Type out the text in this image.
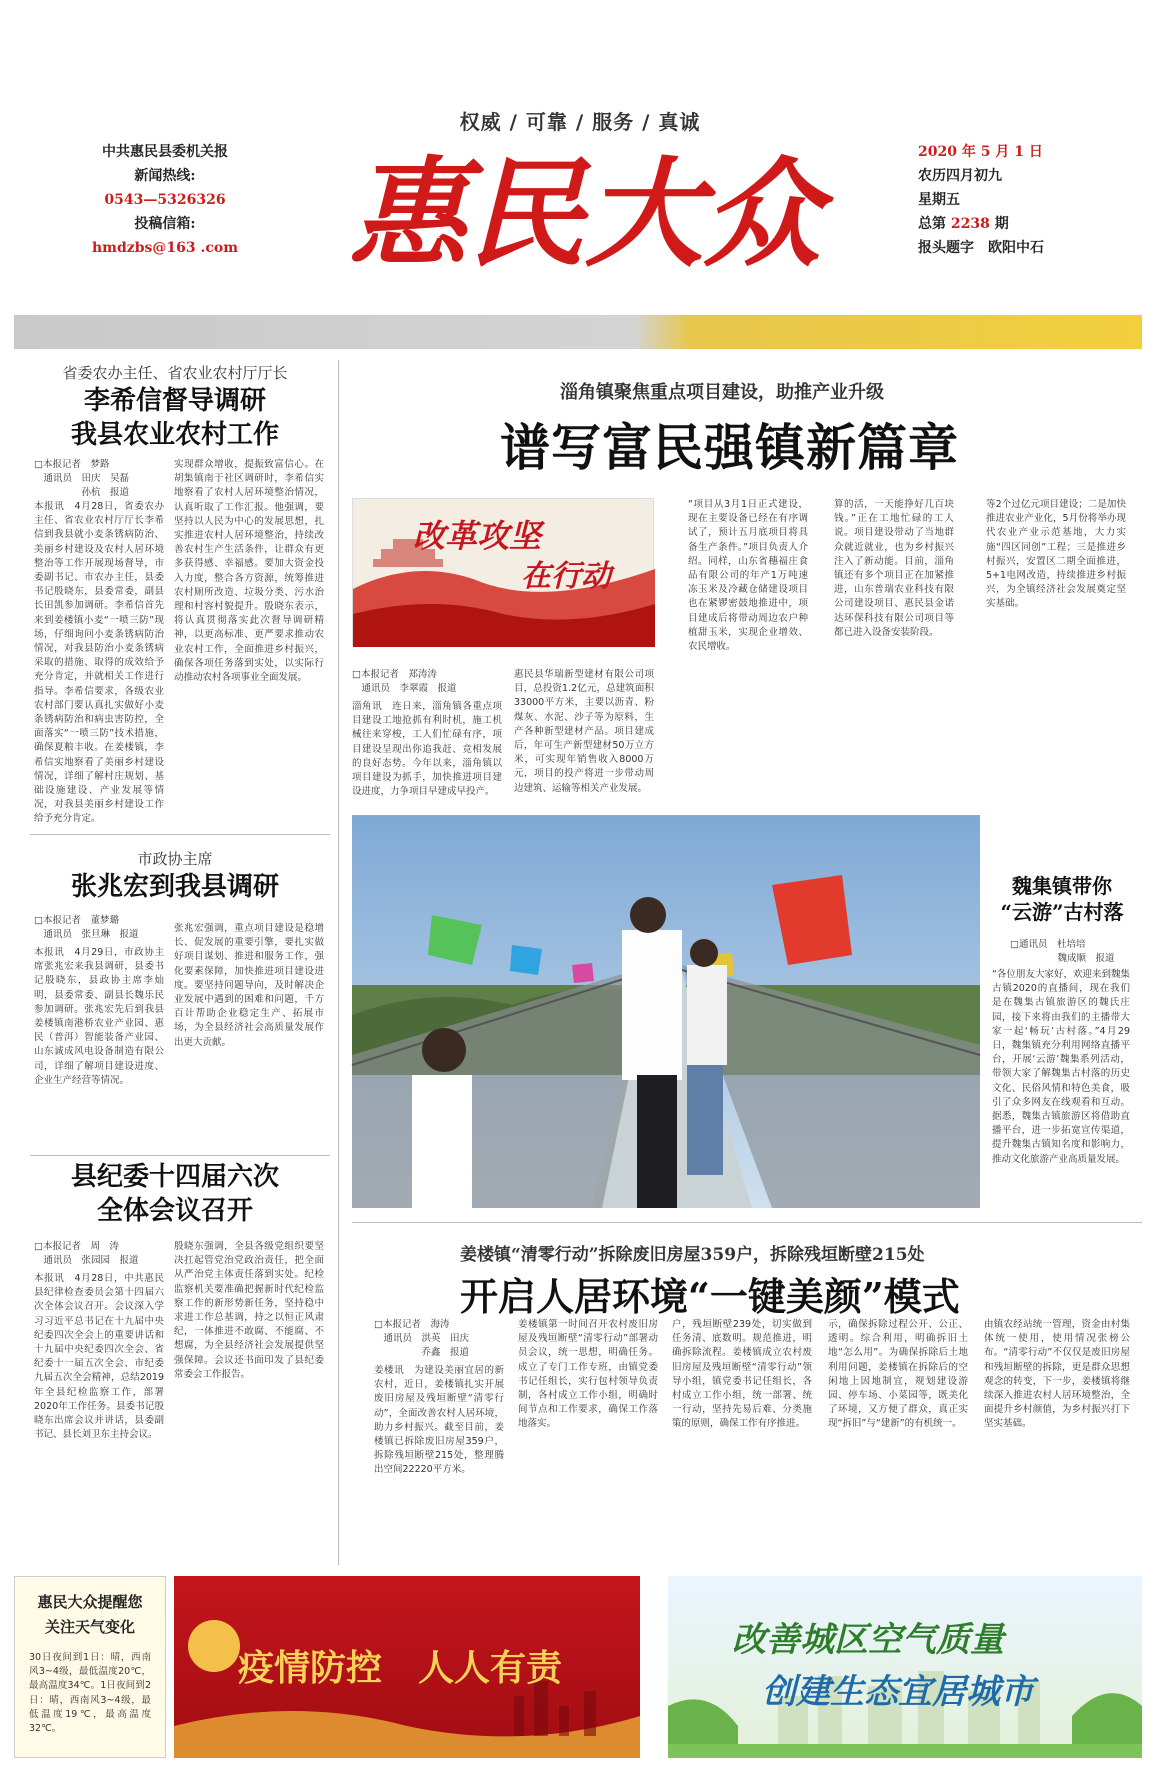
权威 / 可靠 / 服务 / 真诚
中共惠民县委机关报
新闻热线:
0543—5326326
投稿信箱:
hmdzbs@163 .com 惠民大众	2020 年 5 月 1 日
农历四月初九
星期五
总第 2238 期
报头题字　欧阳中石
省委农办主任、省农业农村厅厅长
李希信督导调研
我县农业农村工作
□本报记者　梦路
　通讯员　田庆　吴磊
　　　　　孙杭　报道
本报讯　4月28日，省委农办主任、省农业农村厅厅长李希信到我县就小麦条锈病防治、美丽乡村建设及农村人居环境整治等工作开展现场督导，市委副书记、市农办主任，县委书记殷晓东，县委常委，副县长田凯参加调研。李希信首先来到姜楼镇小麦“一喷三防”现场，仔细询问小麦条锈病防治情况，对我县防治小麦条锈病采取的措施、取得的成效给予充分肯定，并就相关工作进行指导。李希信要求，各级农业农村部门要认真扎实做好小麦条锈病防治和病虫害防控，全面落实“一喷三防”技术措施，确保夏粮丰收。在姜楼镇，李希信实地察看了美丽乡村建设情况，详细了解村庄规划、基础设施建设、产业发展等情况，对我县美丽乡村建设工作给予充分肯定。
实现群众增收，提振致富信心。在胡集镇南于社区调研时，李希信实地察看了农村人居环境整治情况，认真听取了工作汇报。他强调，要坚持以人民为中心的发展思想，扎实推进农村人居环境整治，持续改善农村生产生活条件，让群众有更多获得感、幸福感。要加大资金投入力度，整合各方资源，统筹推进农村厕所改造、垃圾分类、污水治理和村容村貌提升。殷晓东表示，将认真贯彻落实此次督导调研精神，以更高标准、更严要求推动农业农村工作，全面推进乡村振兴，确保各项任务落到实处，以实际行动推动农村各项事业全面发展。
市政协主席
张兆宏到我县调研
□本报记者　董梦璐
　通讯员　张旦琳　报道
本报讯　4月29日，市政协主席张兆宏来我县调研，县委书记殷晓东，县政协主席李灿明，县委常委、副县长魏乐民参加调研。张兆宏先后到我县姜楼镇南港桥农业产业园、惠民（普洱）智能装备产业园、山东诚成风电设备制造有限公司，详细了解项目建设进度、企业生产经营等情况。
张兆宏强调，重点项目建设是稳增长、促发展的重要引擎，要扎实做好项目谋划、推进和服务工作，强化要素保障，加快推进项目建设进度。要坚持问题导向，及时解决企业发展中遇到的困难和问题，千方百计帮助企业稳定生产、拓展市场，为全县经济社会高质量发展作出更大贡献。
县纪委十四届六次
全体会议召开
□本报记者　周　涛
　通讯员　张园园　报道
本报讯　4月28日，中共惠民县纪律检查委员会第十四届六次全体会议召开。会议深入学习习近平总书记在十九届中央纪委四次全会上的重要讲话和十九届中央纪委四次全会、省纪委十一届五次全会、市纪委九届五次全会精神，总结2019年全县纪检监察工作，部署2020年工作任务。县委书记殷晓东出席会议并讲话，县委副书记、县长刘卫东主持会议。
殷晓东强调，全县各级党组织要坚决扛起管党治党政治责任，把全面从严治党主体责任落到实处。纪检监察机关要准确把握新时代纪检监察工作的新形势新任务，坚持稳中求进工作总基调，持之以恒正风肃纪，一体推进不敢腐、不能腐、不想腐，为全县经济社会发展提供坚强保障。会议还书面印发了县纪委常委会工作报告。
淄角镇聚焦重点项目建设，助推产业升级
谱写富民强镇新篇章
改革攻坚
在行动
“项目从3月1日正式建设，现在主要设备已经在有序调试了，预计五月底项目将具备生产条件。”项目负责人介绍。同样，山东省穗福庄食品有限公司的年产1万吨速冻玉米及冷藏仓储建设项目也在紧锣密鼓地推进中，项目建成后将带动周边农户种植甜玉米，实现企业增效、农民增收。
算的活，一天能挣好几百块钱。”正在工地忙碌的工人说。项目建设带动了当地群众就近就业，也为乡村振兴注入了新动能。目前，淄角镇还有多个项目正在加紧推进，山东普瑞农业科技有限公司建设项目、惠民县金诺达环保科技有限公司项目等都已进入设备安装阶段。
等2个过亿元项目建设；二是加快推进农业产业化，5月份将举办现代农业产业示范基地，大力实施“四区同创”工程；三是推进乡村振兴，安置区二期全面推进，5+1电网改造，持续推进乡村振兴，为全镇经济社会发展奠定坚实基础。
□本报记者　郑涛涛
　通讯员　李翠霞　报道
淄角讯　连日来，淄角镇各重点项目建设工地抢抓有利时机，施工机械往来穿梭，工人们忙碌有序，项目建设呈现出你追我赶、竞相发展的良好态势。今年以来，淄角镇以项目建设为抓手，加快推进项目建设进度，力争项目早建成早投产。
惠民县华瑞新型建材有限公司项目，总投资1.2亿元，总建筑面积33000平方米，主要以沥青、粉煤灰、水泥、沙子等为原料，生产各种新型建材产品。项目建成后，年可生产新型建材50万立方米，可实现年销售收入8000万元，项目的投产将进一步带动周边建筑、运输等相关产业发展。
魏集镇带你
“云游”古村落
□通讯员　杜培培
　　　　　魏成顺　报道
“各位朋友大家好，欢迎来到魏集古镇2020的直播间，现在我们是在魏集古镇旅游区的魏氏庄园，接下来将由我们的主播带大家一起‘畅玩’古村落。”4月29日，魏集镇充分利用网络直播平台，开展‘云游’魏集系列活动，带领大家了解魏集古村落的历史文化、民俗风情和特色美食，吸引了众多网友在线观看和互动。据悉，魏集古镇旅游区将借助直播平台，进一步拓宽宣传渠道，提升魏集古镇知名度和影响力，推动文化旅游产业高质量发展。
姜楼镇“清零行动”拆除废旧房屋359户，拆除残垣断壁215处
开启人居环境“一键美颜”模式
□本报记者　海涛
　通讯员　洪英　田庆
　　　　　乔鑫　报道
姜楼讯　为建设美丽宜居的新农村，近日，姜楼镇扎实开展废旧房屋及残垣断壁“清零行动”，全面改善农村人居环境，助力乡村振兴。截至目前，姜楼镇已拆除废旧房屋359户，拆除残垣断壁215处，整理腾出空间22220平方米。
姜楼镇第一时间召开农村废旧房屋及残垣断壁“清零行动”部署动员会议，统一思想，明确任务。成立了专门工作专班，由镇党委书记任组长，实行包村领导负责制，各村成立工作小组，明确时间节点和工作要求，确保工作落地落实。
户，残垣断壁239处，切实做到任务清、底数明。规范推进，明确拆除流程。姜楼镇成立农村废旧房屋及残垣断壁“清零行动”领导小组，镇党委书记任组长，各村成立工作小组，统一部署、统一行动，坚持先易后难、分类施策的原则，确保工作有序推进。
示，确保拆除过程公开、公正、透明。综合利用，明确拆旧土地“怎么用”。为确保拆除后土地利用问题，姜楼镇在拆除后的空闲地上因地制宜，规划建设游园、停车场、小菜园等，既美化了环境，又方便了群众，真正实现“拆旧”与“建新”的有机统一。
由镇农经站统一管理，资金由村集体统一使用，使用情况张榜公布。“清零行动”不仅仅是废旧房屋和残垣断壁的拆除，更是群众思想观念的转变，下一步，姜楼镇将继续深入推进农村人居环境整治，全面提升乡村颜值，为乡村振兴打下坚实基础。
惠民大众提醒您
关注天气变化
30日夜间到1日：晴，西南风3~4级，最低温度20℃，最高温度34℃。1日夜间到2日：晴，西南风3~4级，最低温度19℃，最高温度32℃。
疫情防控　人人有责
改善城区空气质量
创建生态宜居城市
